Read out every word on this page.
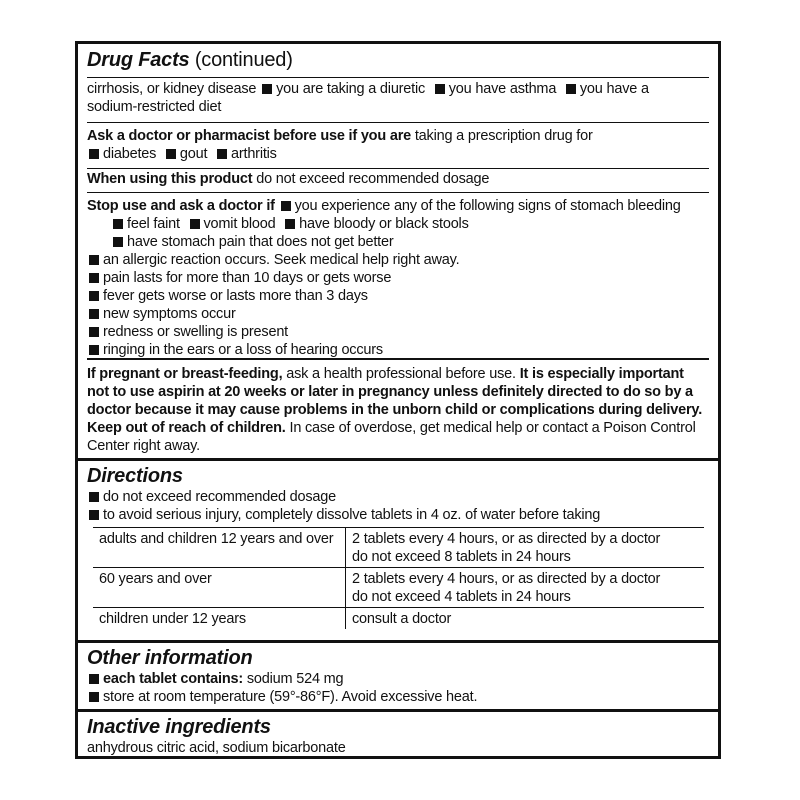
Drug Facts (continued)
cirrhosis, or kidney disease you are taking a diuretic you have asthma you have a
sodium-restricted diet
Ask a doctor or pharmacist before use if you are taking a prescription drug for
diabetes gout arthritis
When using this product do not exceed recommended dosage
Stop use and ask a doctor if you experience any of the following signs of stomach bleeding
feel faint vomit blood have bloody or black stools
have stomach pain that does not get better
an allergic reaction occurs. Seek medical help right away.
pain lasts for more than 10 days or gets worse
fever gets worse or lasts more than 3 days
new symptoms occur
redness or swelling is present
ringing in the ears or a loss of hearing occurs
If pregnant or breast-feeding, ask a health professional before use. It is especially important
not to use aspirin at 20 weeks or later in pregnancy unless definitely directed to do so by a
doctor because it may cause problems in the unborn child or complications during delivery.
Keep out of reach of children. In case of overdose, get medical help or contact a Poison Control
Center right away.
Directions
do not exceed recommended dosage
to avoid serious injury, completely dissolve tablets in 4 oz. of water before taking
adults and children 12 years and over	2 tablets every 4 hours, or as directed by a doctor
do not exceed 8 tablets in 24 hours

60 years and over	2 tablets every 4 hours, or as directed by a doctor
do not exceed 4 tablets in 24 hours

children under 12 years	consult a doctor
Other information
each tablet contains: sodium 524 mg
store at room temperature (59°-86°F). Avoid excessive heat.
Inactive ingredients
anhydrous citric acid, sodium bicarbonate
